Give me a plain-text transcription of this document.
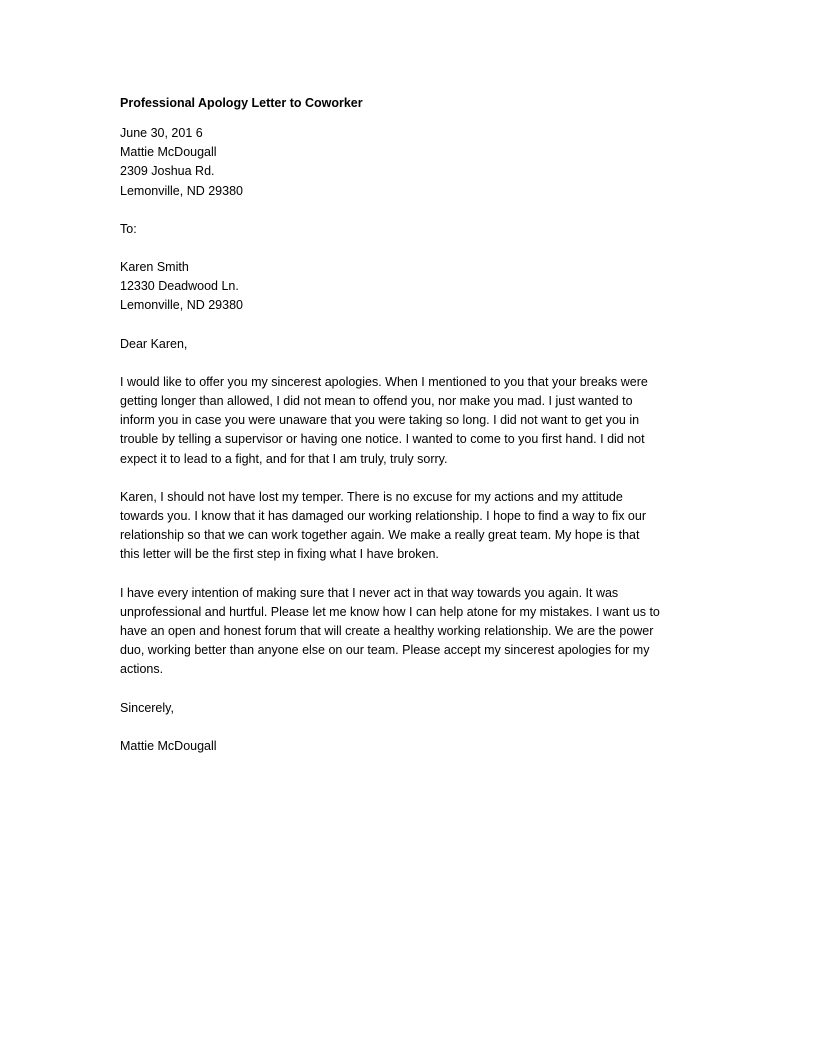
Professional Apology Letter to Coworker
June 30, 201 6
Mattie McDougall
2309 Joshua Rd.
Lemonville, ND 29380
To:
Karen Smith
12330 Deadwood Ln.
Lemonville, ND 29380
Dear Karen,
I would like to offer you my sincerest apologies. When I mentioned to you that your breaks were
getting longer than allowed, I did not mean to offend you, nor make you mad. I just wanted to
inform you in case you were unaware that you were taking so long. I did not want to get you in
trouble by telling a supervisor or having one notice. I wanted to come to you first hand. I did not
expect it to lead to a fight, and for that I am truly, truly sorry.
Karen, I should not have lost my temper. There is no excuse for my actions and my attitude
towards you. I know that it has damaged our working relationship. I hope to find a way to fix our
relationship so that we can work together again. We make a really great team. My hope is that
this letter will be the first step in fixing what I have broken.
I have every intention of making sure that I never act in that way towards you again. It was
unprofessional and hurtful. Please let me know how I can help atone for my mistakes. I want us to
have an open and honest forum that will create a healthy working relationship. We are the power
duo, working better than anyone else on our team. Please accept my sincerest apologies for my
actions.
Sincerely,
Mattie McDougall
